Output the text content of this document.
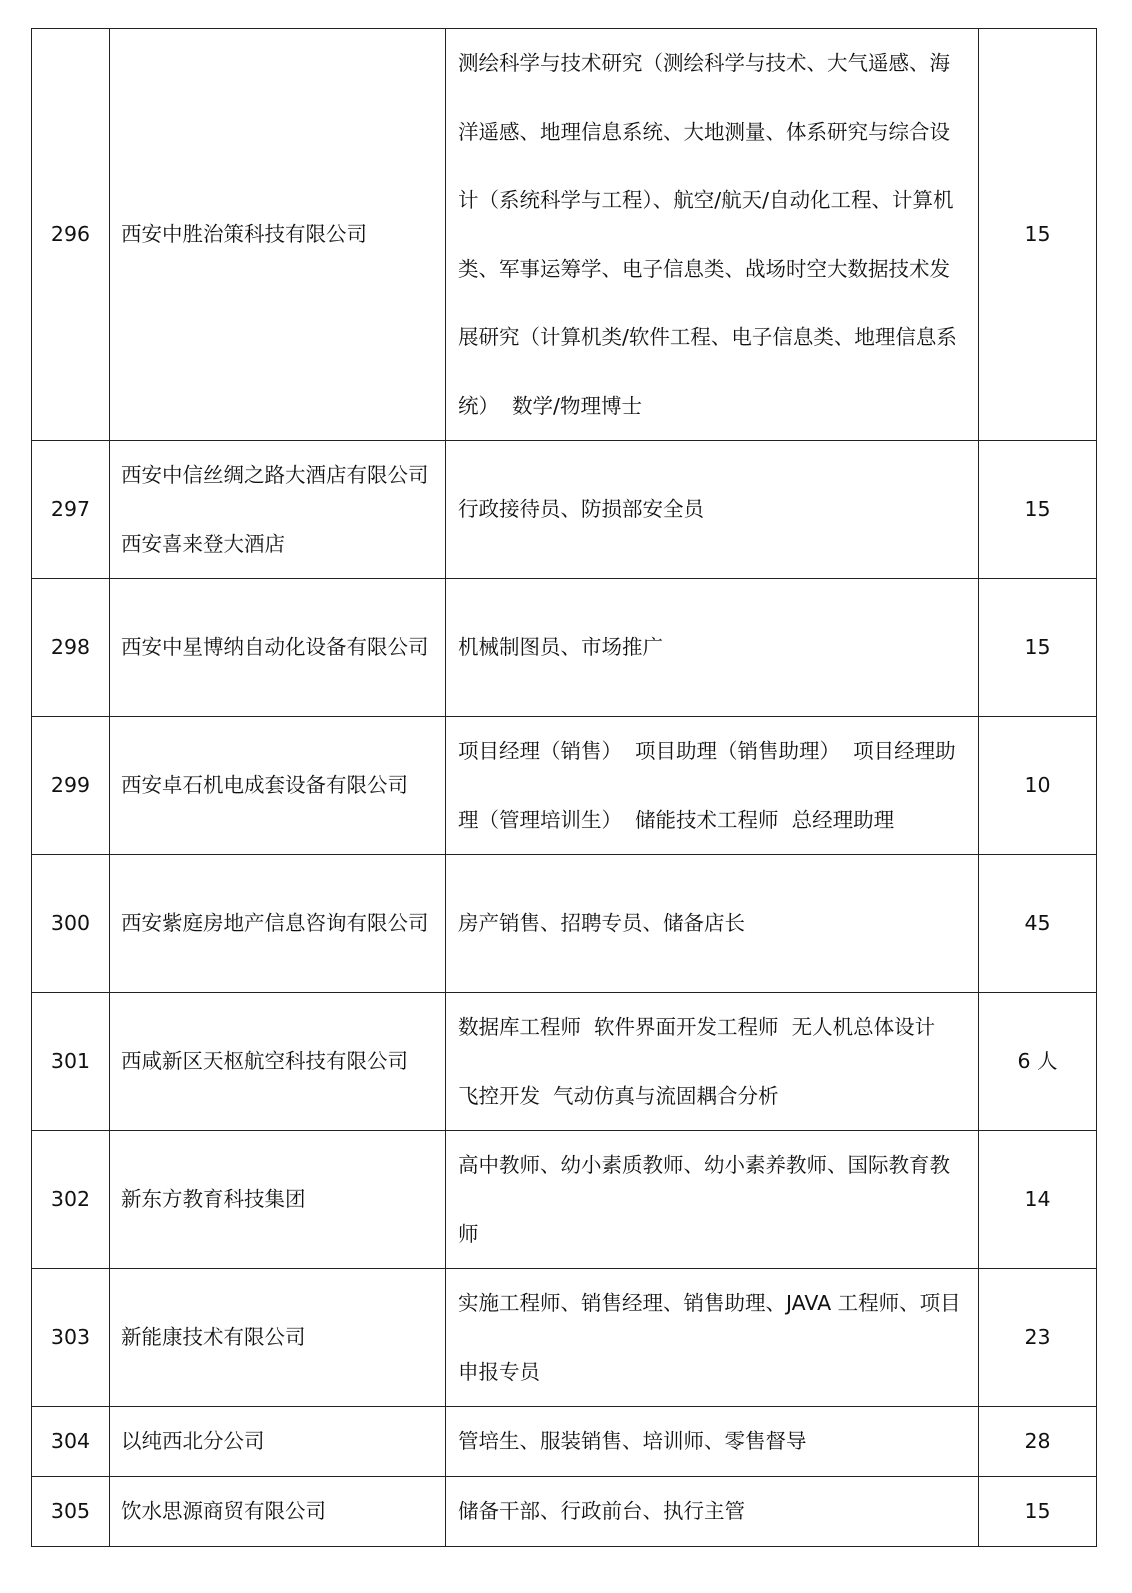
296	西安中胜治策科技有限公司	测绘科学与技术研究（测绘科学与技术、大气遥感、海洋遥感、地理信息系统、大地测量、体系研究与综合设计（系统科学与工程）、航空/航天/自动化工程、计算机类、军事运筹学、电子信息类、战场时空大数据技术发展研究（计算机类/软件工程、电子信息类、地理信息系统）  数学/物理博士	15
297	西安中信丝绸之路大酒店有限公司西安喜来登大酒店	行政接待员、防损部安全员	15
298	西安中星博纳自动化设备有限公司	机械制图员、市场推广	15
299	西安卓石机电成套设备有限公司	项目经理（销售）  项目助理（销售助理）  项目经理助理（管理培训生）  储能技术工程师  总经理助理	10
300	西安紫庭房地产信息咨询有限公司	房产销售、招聘专员、储备店长	45
301	西咸新区天枢航空科技有限公司	数据库工程师  软件界面开发工程师  无人机总体设计  飞控开发  气动仿真与流固耦合分析	6 人
302	新东方教育科技集团	高中教师、幼小素质教师、幼小素养教师、国际教育教师	14
303	新能康技术有限公司	实施工程师、销售经理、销售助理、JAVA 工程师、项目申报专员	23
304	以纯西北分公司	管培生、服装销售、培训师、零售督导	28
305	饮水思源商贸有限公司	储备干部、行政前台、执行主管	15
